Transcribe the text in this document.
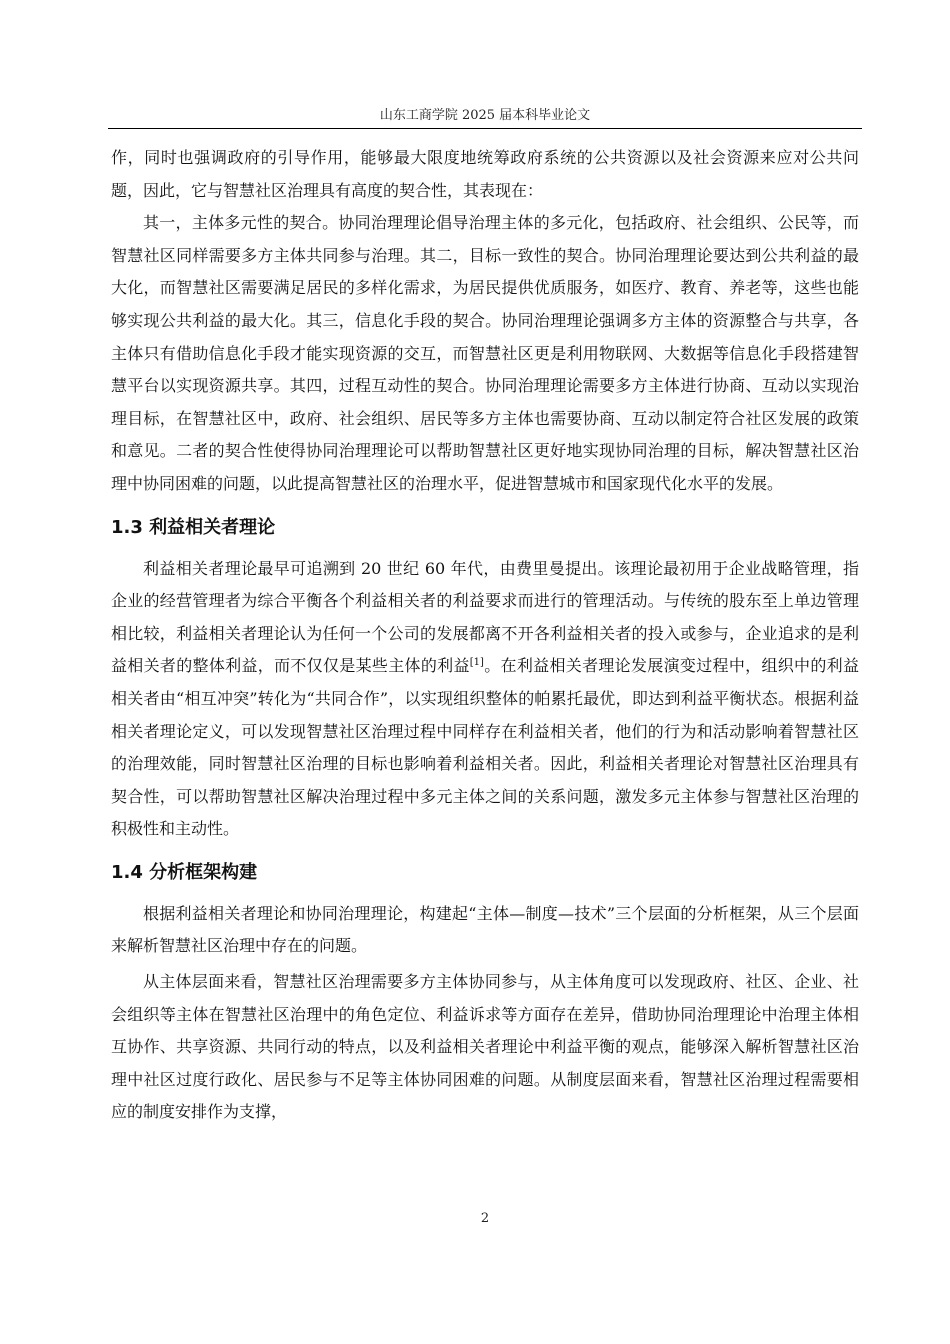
山东工商学院 2025 届本科毕业论文

作，同时也强调政府的引导作用，能够最大限度地统筹政府系统的公共资源以及社会资源来应对公共问题，因此，它与智慧社区治理具有高度的契合性，其表现在：

其一，主体多元性的契合。协同治理理论倡导治理主体的多元化，包括政府、社会组织、公民等，而智慧社区同样需要多方主体共同参与治理。其二，目标一致性的契合。协同治理理论要达到公共利益的最大化，而智慧社区需要满足居民的多样化需求，为居民提供优质服务，如医疗、教育、养老等，这些也能够实现公共利益的最大化。其三，信息化手段的契合。协同治理理论强调多方主体的资源整合与共享，各主体只有借助信息化手段才能实现资源的交互，而智慧社区更是利用物联网、大数据等信息化手段搭建智慧平台以实现资源共享。其四，过程互动性的契合。协同治理理论需要多方主体进行协商、互动以实现治理目标，在智慧社区中，政府、社会组织、居民等多方主体也需要协商、互动以制定符合社区发展的政策和意见。二者的契合性使得协同治理理论可以帮助智慧社区更好地实现协同治理的目标，解决智慧社区治理中协同困难的问题，以此提高智慧社区的治理水平，促进智慧城市和国家现代化水平的发展。

1.3 利益相关者理论

利益相关者理论最早可追溯到 20 世纪 60 年代，由费里曼提出。该理论最初用于企业战略管理，指企业的经营管理者为综合平衡各个利益相关者的利益要求而进行的管理活动。与传统的股东至上单边管理相比较，利益相关者理论认为任何一个公司的发展都离不开各利益相关者的投入或参与，企业追求的是利益相关者的整体利益，而不仅仅是某些主体的利益[1]。在利益相关者理论发展演变过程中，组织中的利益相关者由“相互冲突”转化为“共同合作”，以实现组织整体的帕累托最优，即达到利益平衡状态。根据利益相关者理论定义，可以发现智慧社区治理过程中同样存在利益相关者，他们的行为和活动影响着智慧社区的治理效能，同时智慧社区治理的目标也影响着利益相关者。因此，利益相关者理论对智慧社区治理具有契合性，可以帮助智慧社区解决治理过程中多元主体之间的关系问题，激发多元主体参与智慧社区治理的积极性和主动性。

1.4 分析框架构建

根据利益相关者理论和协同治理理论，构建起“主体—制度—技术”三个层面的分析框架，从三个层面来解析智慧社区治理中存在的问题。

从主体层面来看，智慧社区治理需要多方主体协同参与，从主体角度可以发现政府、社区、企业、社会组织等主体在智慧社区治理中的角色定位、利益诉求等方面存在差异，借助协同治理理论中治理主体相互协作、共享资源、共同行动的特点，以及利益相关者理论中利益平衡的观点，能够深入解析智慧社区治理中社区过度行政化、居民参与不足等主体协同困难的问题。从制度层面来看，智慧社区治理过程需要相应的制度安排作为支撑，

2
